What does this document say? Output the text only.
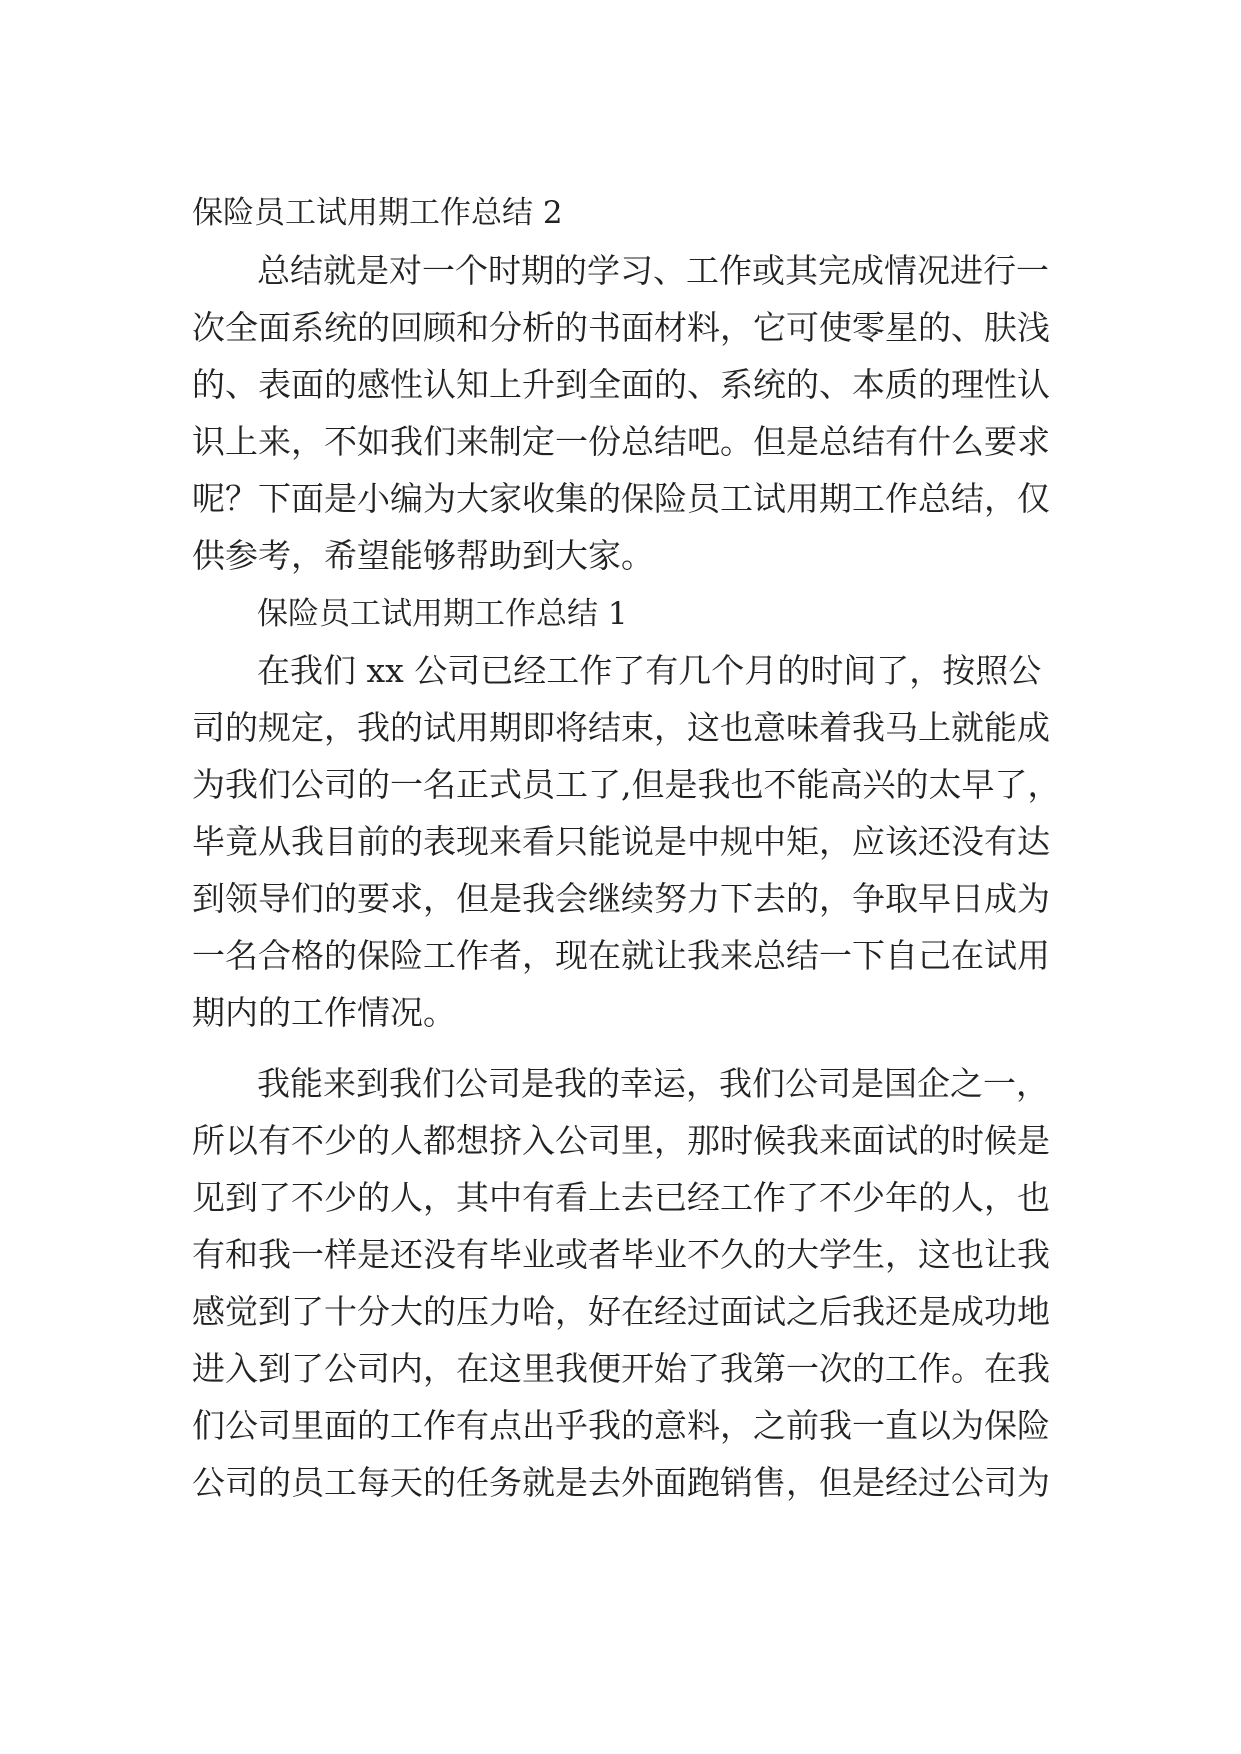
保险员工试用期工作总结 2
总结就是对一个时期的学习、工作或其完成情况进行一
次全面系统的回顾和分析的书面材料，它可使零星的、肤浅
的、表面的感性认知上升到全面的、系统的、本质的理性认
识上来，不如我们来制定一份总结吧。但是总结有什么要求
呢？下面是小编为大家收集的保险员工试用期工作总结，仅
供参考，希望能够帮助到大家。
保险员工试用期工作总结 1
在我们 xx 公司已经工作了有几个月的时间了，按照公
司的规定，我的试用期即将结束，这也意味着我马上就能成
为我们公司的一名正式员工了,但是我也不能高兴的太早了，
毕竟从我目前的表现来看只能说是中规中矩，应该还没有达
到领导们的要求，但是我会继续努力下去的，争取早日成为
一名合格的保险工作者，现在就让我来总结一下自己在试用
期内的工作情况。
我能来到我们公司是我的幸运，我们公司是国企之一，
所以有不少的人都想挤入公司里，那时候我来面试的时候是
见到了不少的人，其中有看上去已经工作了不少年的人，也
有和我一样是还没有毕业或者毕业不久的大学生，这也让我
感觉到了十分大的压力哈，好在经过面试之后我还是成功地
进入到了公司内，在这里我便开始了我第一次的工作。在我
们公司里面的工作有点出乎我的意料，之前我一直以为保险
公司的员工每天的任务就是去外面跑销售，但是经过公司为
